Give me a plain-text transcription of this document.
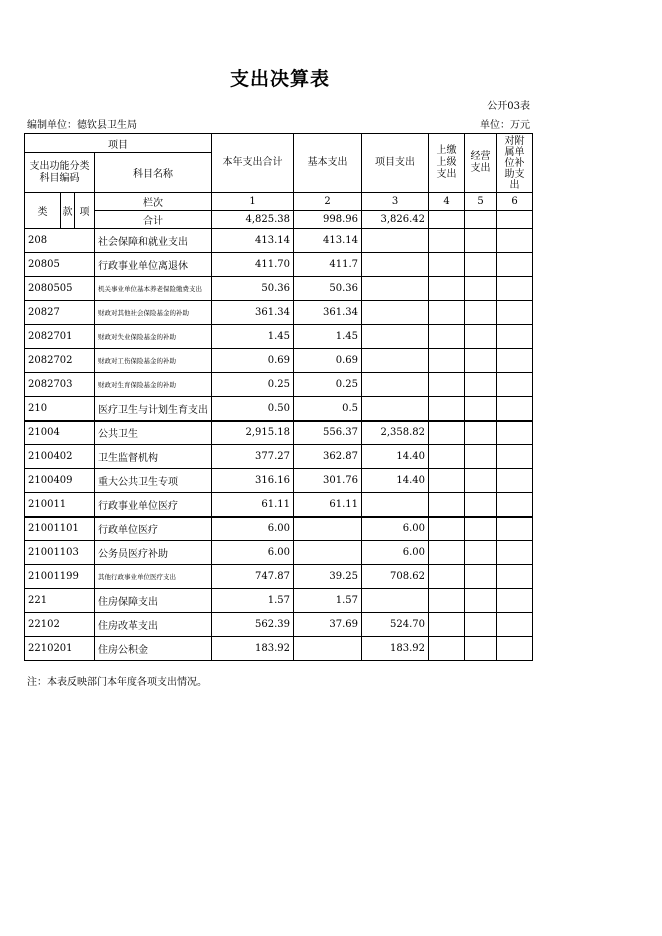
支出决算表
公开03表
编制单位：德钦县卫生局	单位：万元
项目				本年支出合计	基本支出	项目支出	上缴上级支出	经营支出	对附属单位补助支出
支出功能分类科目编码			科目名称						
类	款	项	栏次	1	2	3	4	5	6
			合计	4,825.38	998.96	3,826.42			
208			社会保障和就业支出	413.14	413.14				
20805			行政事业单位离退休	411.70	411.7				
2080505			机关事业单位基本养老保险缴费支出	50.36	50.36				
20827			财政对其他社会保险基金的补助	361.34	361.34				
2082701			财政对失业保险基金的补助	1.45	1.45				
2082702			财政对工伤保险基金的补助	0.69	0.69				
2082703			财政对生育保险基金的补助	0.25	0.25				
210			医疗卫生与计划生育支出	0.50	0.5				
21004			公共卫生	2,915.18	556.37	2,358.82			
2100402			卫生监督机构	377.27	362.87	14.40			
2100409			重大公共卫生专项	316.16	301.76	14.40			
210011			行政事业单位医疗	61.11	61.11				
21001101			行政单位医疗	6.00		6.00			
21001103			公务员医疗补助	6.00		6.00			
21001199			其他行政事业单位医疗支出	747.87	39.25	708.62			
221			住房保障支出	1.57	1.57				
22102			住房改革支出	562.39	37.69	524.70			
2210201			住房公积金	183.92		183.92			
注：本表反映部门本年度各项支出情况。
